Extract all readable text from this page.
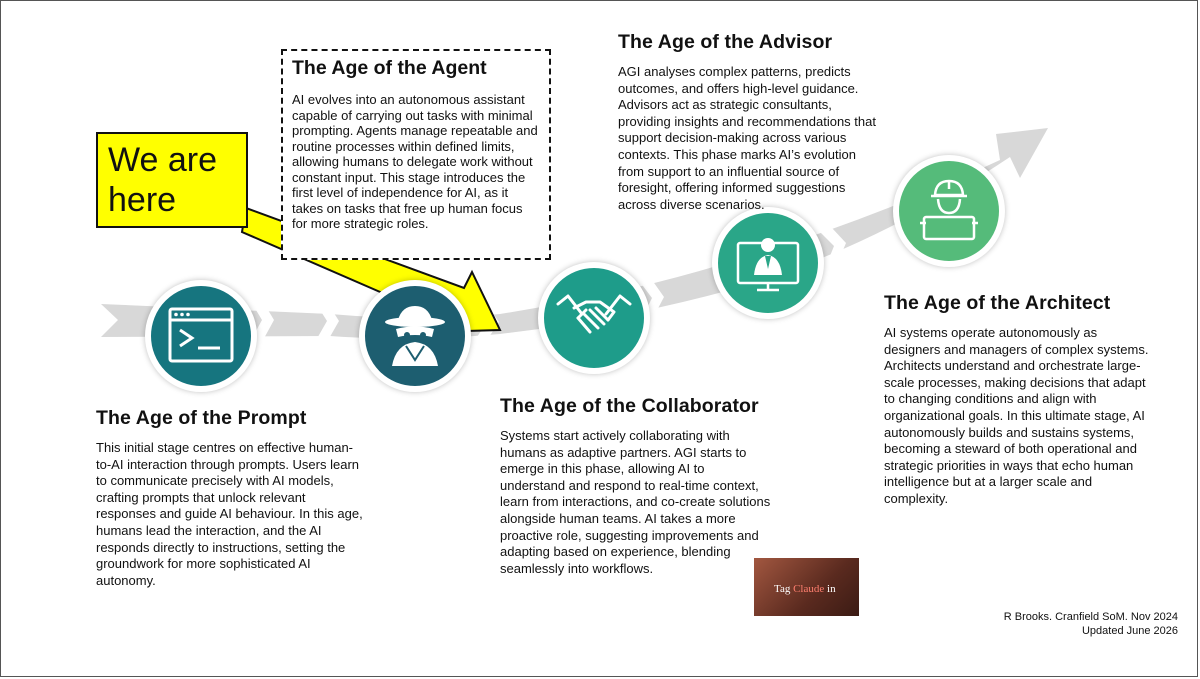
We are
here
The Age of the Agent

AI evolves into an autonomous assistant capable of carrying out tasks with minimal prompting. Agents manage repeatable and routine processes within defined limits, allowing humans to delegate work without constant input. This stage introduces the first level of independence for AI, as it takes on tasks that free up human focus for more strategic roles.

The Age of the Prompt

This initial stage centres on effective human-to-AI interaction through prompts. Users learn to communicate precisely with AI models, crafting prompts that unlock relevant responses and guide AI behaviour. In this age, humans lead the interaction, and the AI responds directly to instructions, setting the groundwork for more sophisticated AI autonomy.

The Age of the Collaborator

Systems start actively collaborating with humans as adaptive partners. AGI starts to emerge in this phase, allowing AI to understand and respond to real-time context, learn from interactions, and co-create solutions alongside human teams. AI takes a more proactive role, suggesting improvements and adapting based on experience, blending seamlessly into workflows.

The Age of the Advisor

AGI analyses complex patterns, predicts outcomes, and offers high-level guidance. Advisors act as strategic consultants, providing insights and recommendations that support decision-making across various contexts. This phase marks AI’s evolution from support to an influential source of foresight, offering informed suggestions across diverse scenarios.

The Age of the Architect

AI systems operate autonomously as designers and managers of complex systems. Architects understand and orchestrate large-scale processes, making decisions that adapt to changing conditions and align with organizational goals. In this ultimate stage, AI autonomously builds and sustains systems, becoming a steward of both operational and strategic priorities in ways that echo human intelligence but at a larger scale and complexity.

Tag Claude in
R Brooks. Cranfield SoM. Nov 2024
Updated June 2026
